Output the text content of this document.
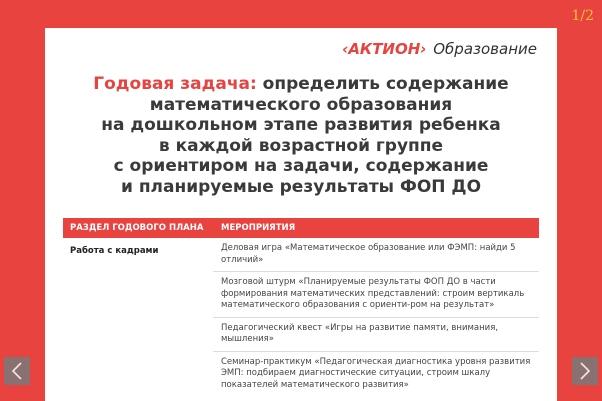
1/2
‹АКТИОН› Образование
Годовая задача: определить содержание
математического образования
на дошкольном этапе развития ребенка
в каждой возрастной группе
с ориентиром на задачи, содержание
и планируемые результаты ФОП ДО
РАЗДЕЛ ГОДОВОГО ПЛАНА	МЕРОПРИЯТИЯ
Работа с кадрами	Деловая игра «Математическое образование или ФЭМП: найди 5 отличий»
Мозговой штурм «Планируемые результаты ФОП ДО в части формирования математических представлений: строим вертикаль математического образования с ориенти-ром на результат»
Педагогический квест «Игры на развитие памяти, внимания, мышления»
Семинар-практикум «Педагогическая диагностика уровня развития ЭМП: подбираем диагностические ситуации, строим шкалу показателей математического развития»
